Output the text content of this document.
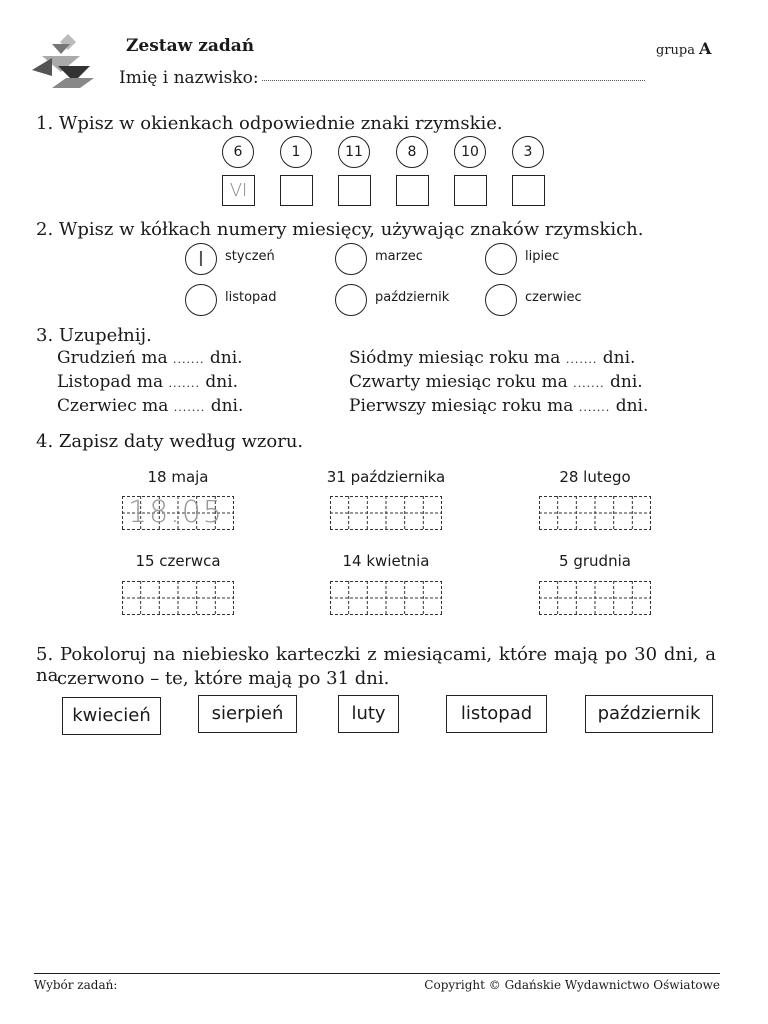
Zestaw zadań	grupa A
Imię i nazwisko:
1. Wpisz w okienkach odpowiednie znaki rzymskie.
6	1	11	8	10	3
VI
2. Wpisz w kółkach numery miesięcy, używając znaków rzymskich.
I	styczeń	marzec	lipiec
listopad	październik	czerwiec
3. Uzupełnij.
Grudzień ma ....... dni.
Listopad ma ....... dni.
Czerwiec ma ....... dni.
Siódmy miesiąc roku ma ....... dni.
Czwarty miesiąc roku ma ....... dni.
Pierwszy miesiąc roku ma ....... dni.
4. Zapisz daty według wzoru.
18 maja	31 października	28 lutego
15 czerwca	14 kwietnia	5 grudnia
18.05
5. Pokoloruj na niebiesko karteczki z miesiącami, które mają po 30 dni, a na
czerwono – te, które mają po 31 dni.
kwiecień	sierpień	luty	listopad	październik
Wybór zadań:	Copyright © Gdańskie Wydawnictwo Oświatowe
